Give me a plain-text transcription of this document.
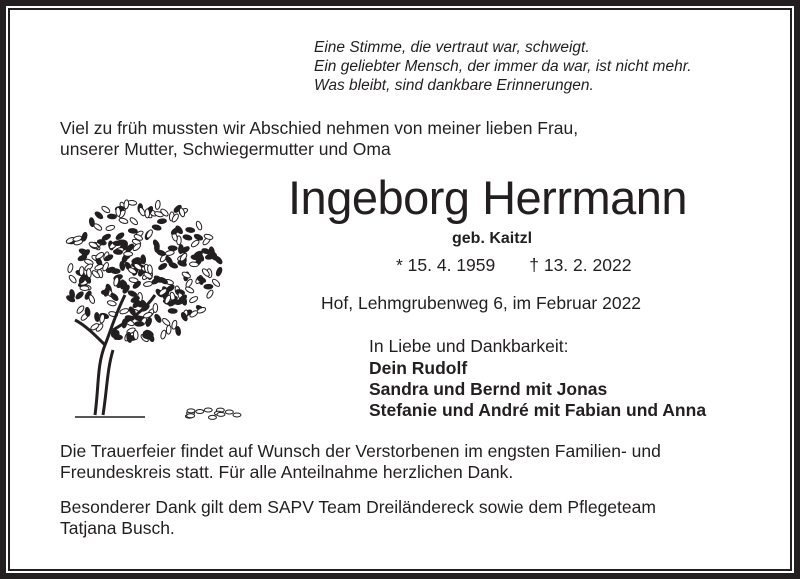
Eine Stimme, die vertraut war, schweigt.
Ein geliebter Mensch, der immer da war, ist nicht mehr.
Was bleibt, sind dankbare Erinnerungen.
Viel zu früh mussten wir Abschied nehmen von meiner lieben Frau,
unserer Mutter, Schwiegermutter und Oma
Ingeborg Herrmann
geb. Kaitzl
* 15. 4. 1959 † 13. 2. 2022
Hof, Lehmgrubenweg 6, im Februar 2022
In Liebe und Dankbarkeit:
Dein Rudolf
Sandra und Bernd mit Jonas
Stefanie und André mit Fabian und Anna
Die Trauerfeier findet auf Wunsch der Verstorbenen im engsten Familien- und
Freundeskreis statt. Für alle Anteilnahme herzlichen Dank.
Besonderer Dank gilt dem SAPV Team Dreiländereck sowie dem Pflegeteam
Tatjana Busch.
